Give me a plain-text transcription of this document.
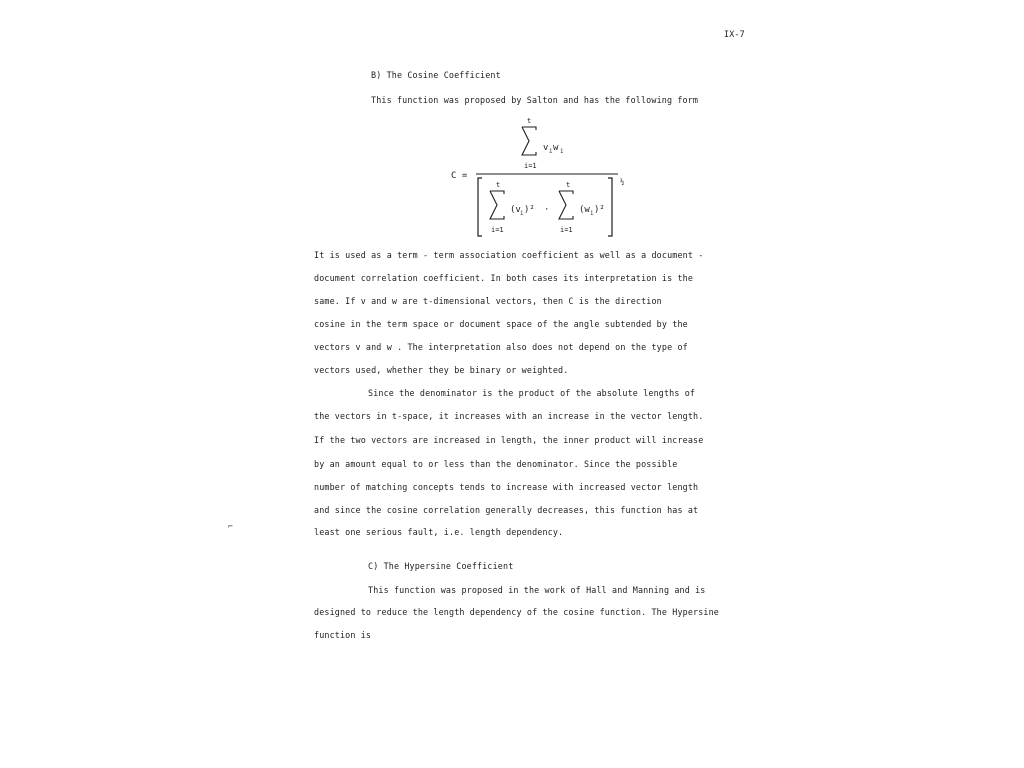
IX-7
B) The Cosine Coefficient
This function was proposed by Salton and has the following form
t
i=1
v i w i
C =
½
t
i=1
(v i )² ·
t
i=1
(w i )²
It is used as a term - term association coefficient as well as a document -
document correlation coefficient. In both cases its interpretation is the
same. If v and w are t-dimensional vectors, then C is the direction
cosine in the term space or document space of the angle subtended by the
vectors v and w . The interpretation also does not depend on the type of
vectors used, whether they be binary or weighted.
Since the denominator is the product of the absolute lengths of
the vectors in t-space, it increases with an increase in the vector length.
If the two vectors are increased in length, the inner product will increase
by an amount equal to or less than the denominator. Since the possible
number of matching concepts tends to increase with increased vector length
and since the cosine correlation generally decreases, this function has at
least one serious fault, i.e. length dependency.
⌐
C) The Hypersine Coefficient
This function was proposed in the work of Hall and Manning and is
designed to reduce the length dependency of the cosine function. The Hypersine
function is
